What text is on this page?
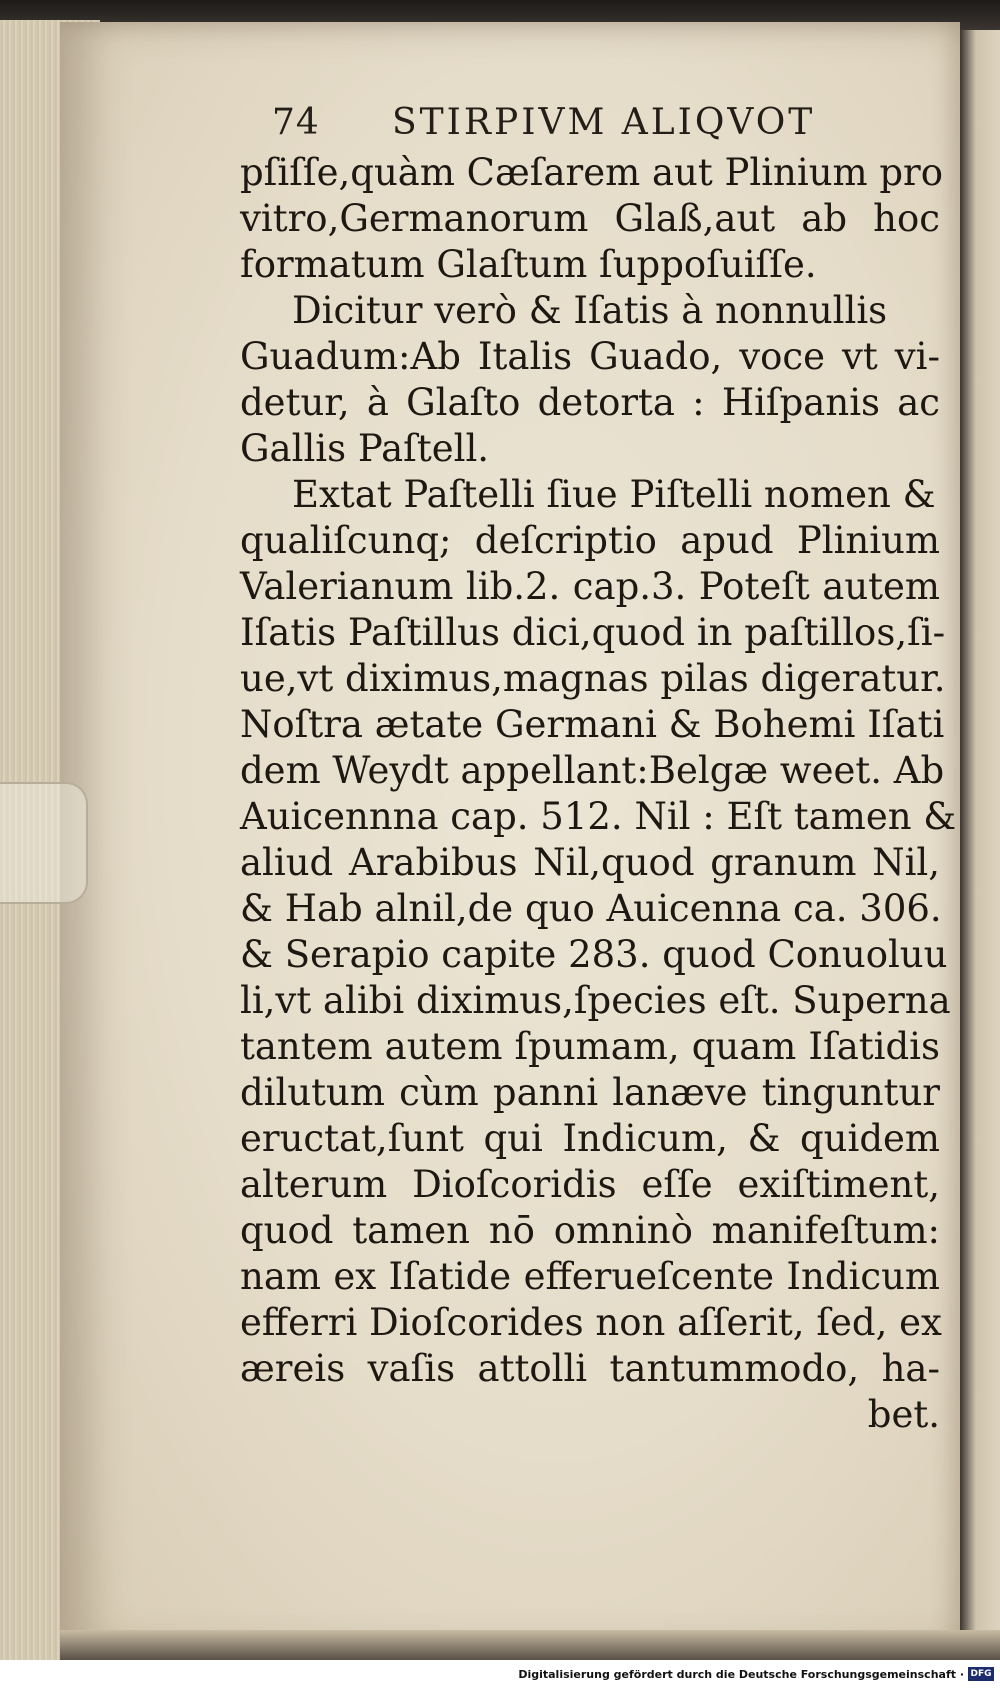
74 STIRPIVM ALIQVOT
pſiſſe,quàm Cæſarem aut Plinium pro
vitro,Germanorum Glaß,aut ab hoc
formatum Glaſtum ſuppoſuiſſe.
Dicitur verò & Iſatis à nonnullis
Guadum:Ab Italis Guado, voce vt vi-
detur, à Glaſto detorta : Hiſpanis ac
Gallis Paſtell.
Extat Paſtelli ſiue Piſtelli nomen &
qualiſcunq; deſcriptio apud Plinium
Valerianum lib.2. cap.3. Poteſt autem
Iſatis Paſtillus dici,quod in paſtillos,ſi-
ue,vt diximus,magnas pilas digeratur.
Noſtra ætate Germani & Bohemi Iſati
dem Weydt appellant:Belgæ weet. Ab
Auicennna cap. 512. Nil : Eſt tamen &
aliud Arabibus Nil,quod granum Nil,
& Hab alnil,de quo Auicenna ca. 306.
& Serapio capite 283. quod Conuoluu
li,vt alibi diximus,ſpecies eſt. Superna
tantem autem ſpumam, quam Iſatidis
dilutum cùm panni lanæve tinguntur
eructat,ſunt qui Indicum, & quidem
alterum Dioſcoridis eſſe exiſtiment,
quod tamen nō omninò manifeſtum:
nam ex Iſatide efferueſcente Indicum
efferri Dioſcorides non aſſerit, ſed, ex
æreis vaſis attolli tantummodo, ha-
bet.
Digitalisierung gefördert durch die Deutsche Forschungsgemeinschaft · DFG
